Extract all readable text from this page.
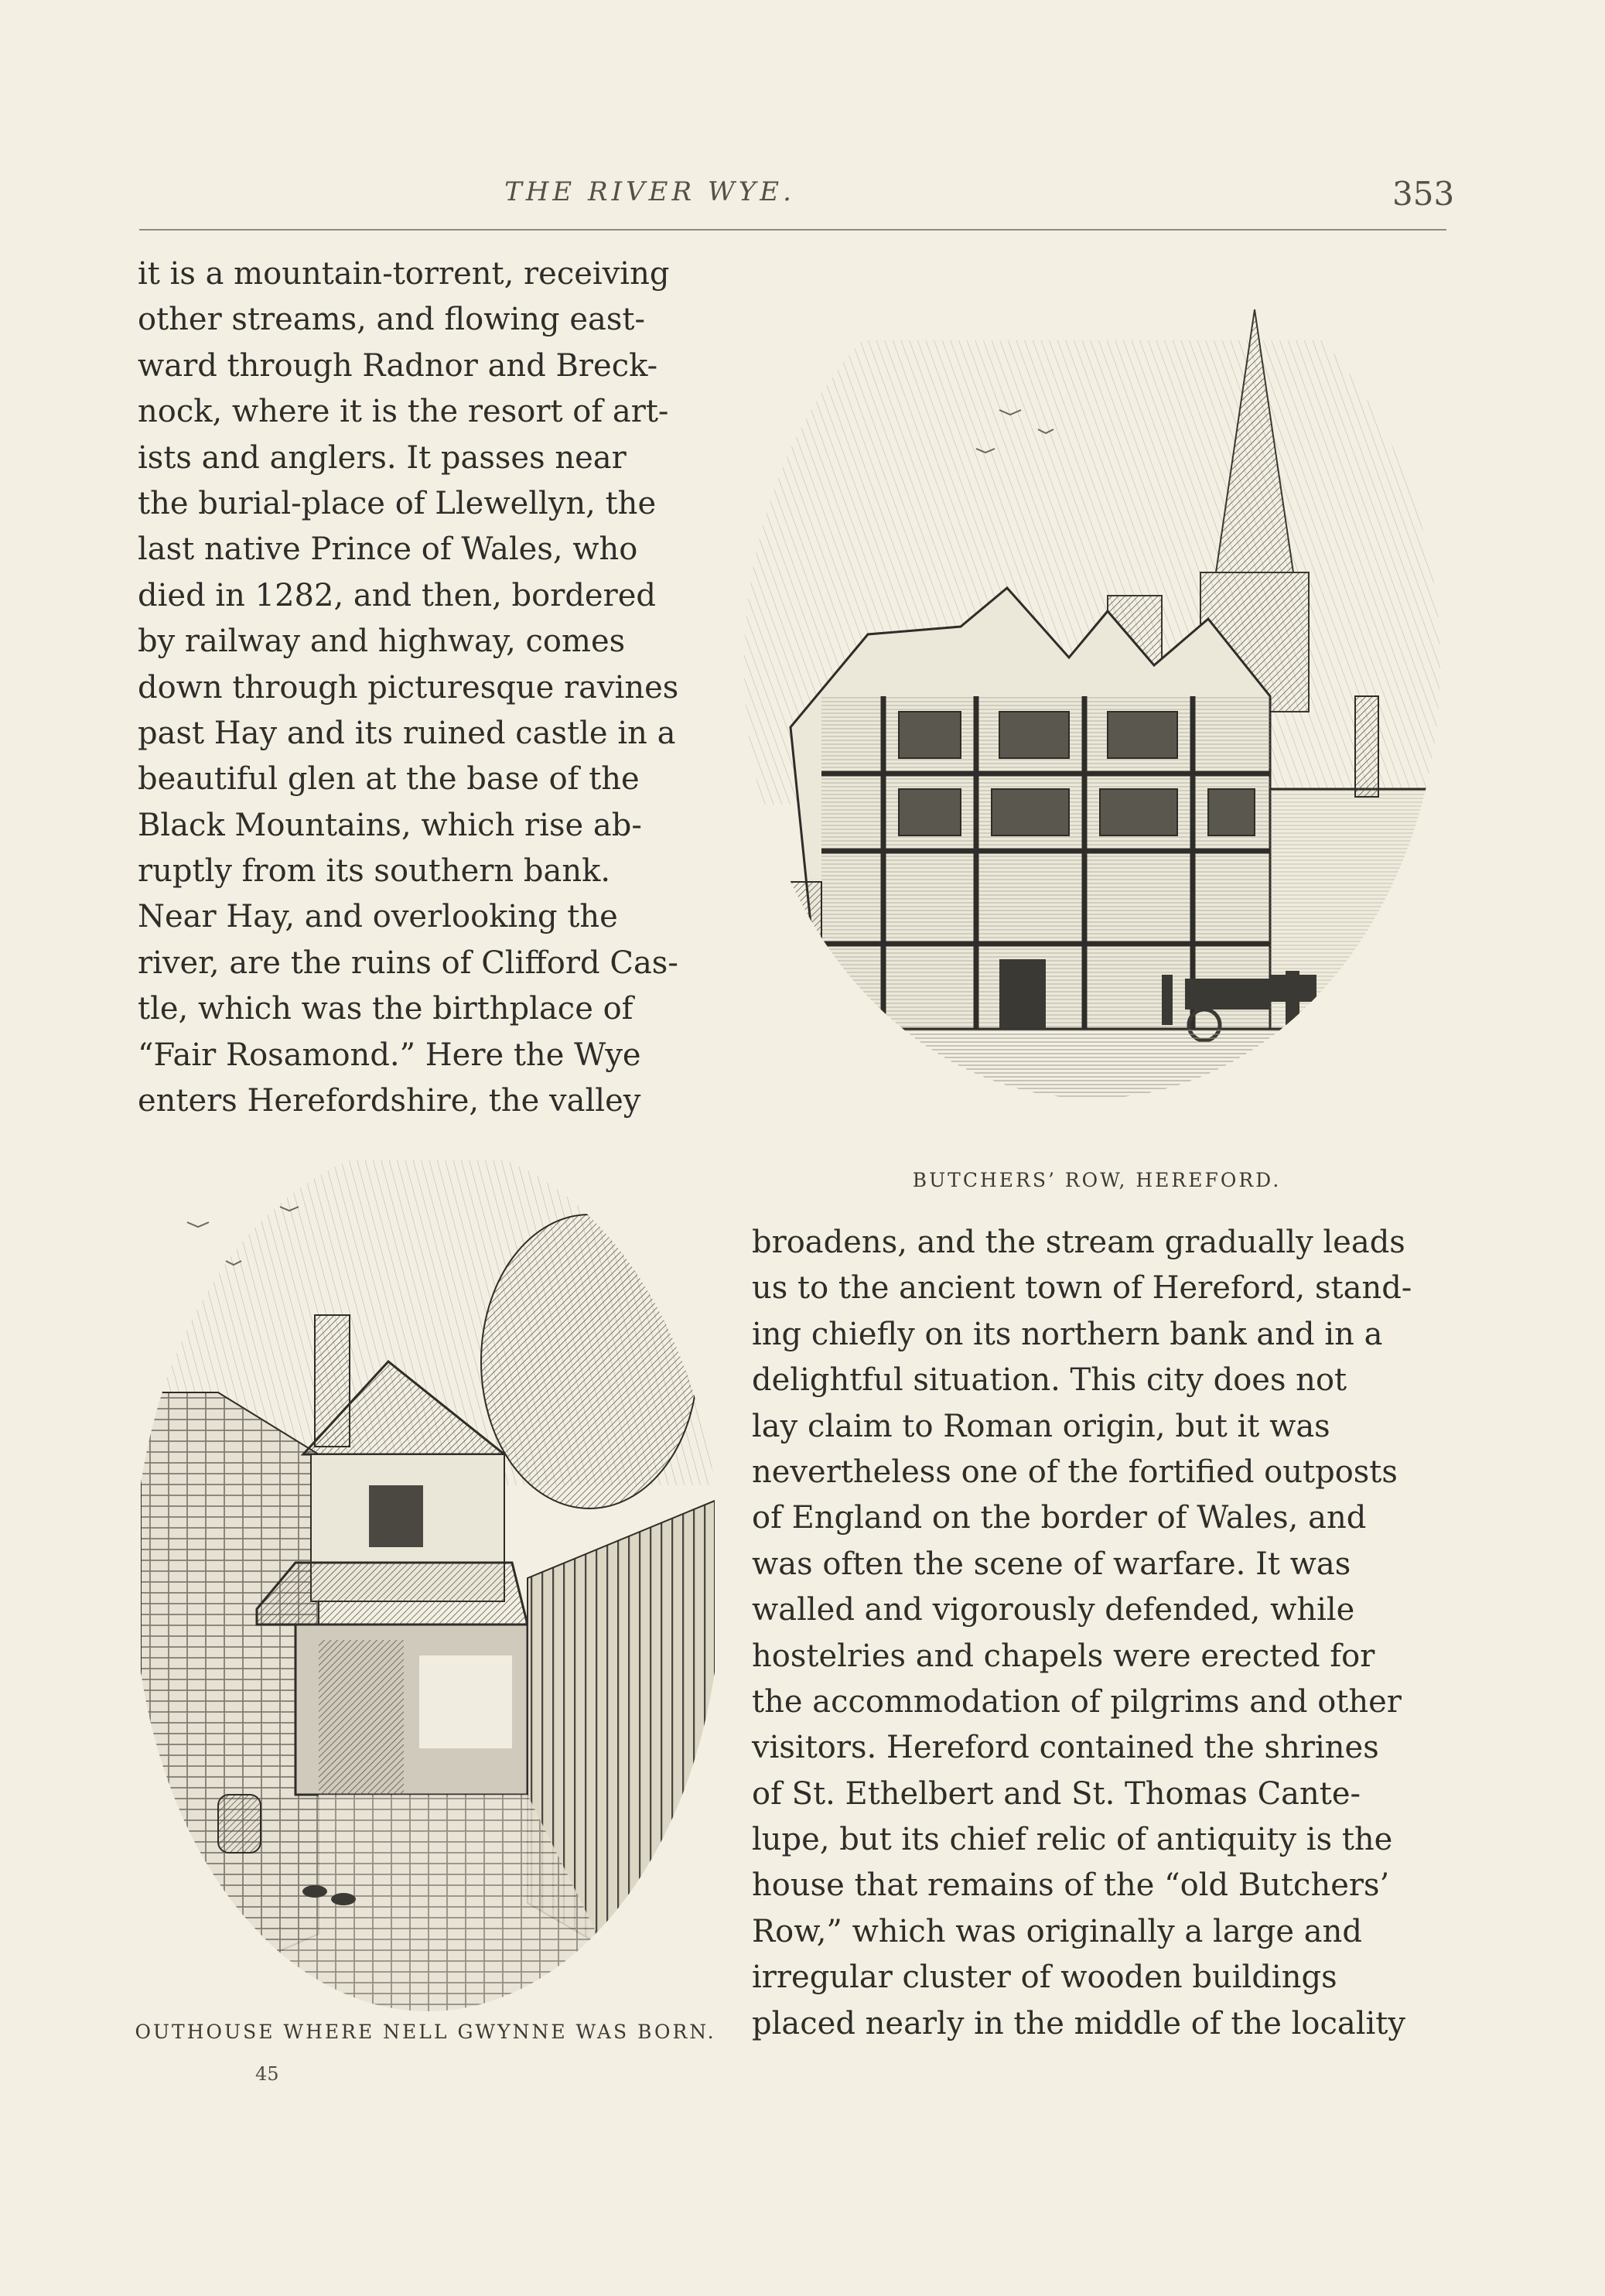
THE RIVER WYE.	353
it is a mountain-torrent, receiving
other streams, and flowing east-
ward through Radnor and Breck-
nock, where it is the resort of art-
ists and anglers. It passes near
the burial-place of Llewellyn, the
last native Prince of Wales, who
died in 1282, and then, bordered
by railway and highway, comes
down through picturesque ravines
past Hay and its ruined castle in a
beautiful glen at the base of the
Black Mountains, which rise ab-
ruptly from its southern bank.
Near Hay, and overlooking the
river, are the ruins of Clifford Cas-
tle, which was the birthplace of
“Fair Rosamond.” Here the Wye
enters Herefordshire, the valley
BUTCHERS’ ROW, HEREFORD.
OUTHOUSE WHERE NELL GWYNNE WAS BORN.
broadens, and the stream gradually leads
us to the ancient town of Hereford, stand-
ing chiefly on its northern bank and in a
delightful situation. This city does not
lay claim to Roman origin, but it was
nevertheless one of the fortified outposts
of England on the border of Wales, and
was often the scene of warfare. It was
walled and vigorously defended, while
hostelries and chapels were erected for
the accommodation of pilgrims and other
visitors. Hereford contained the shrines
of St. Ethelbert and St. Thomas Cante-
lupe, but its chief relic of antiquity is the
house that remains of the “old Butchers’
Row,” which was originally a large and
irregular cluster of wooden buildings
placed nearly in the middle of the locality
45
